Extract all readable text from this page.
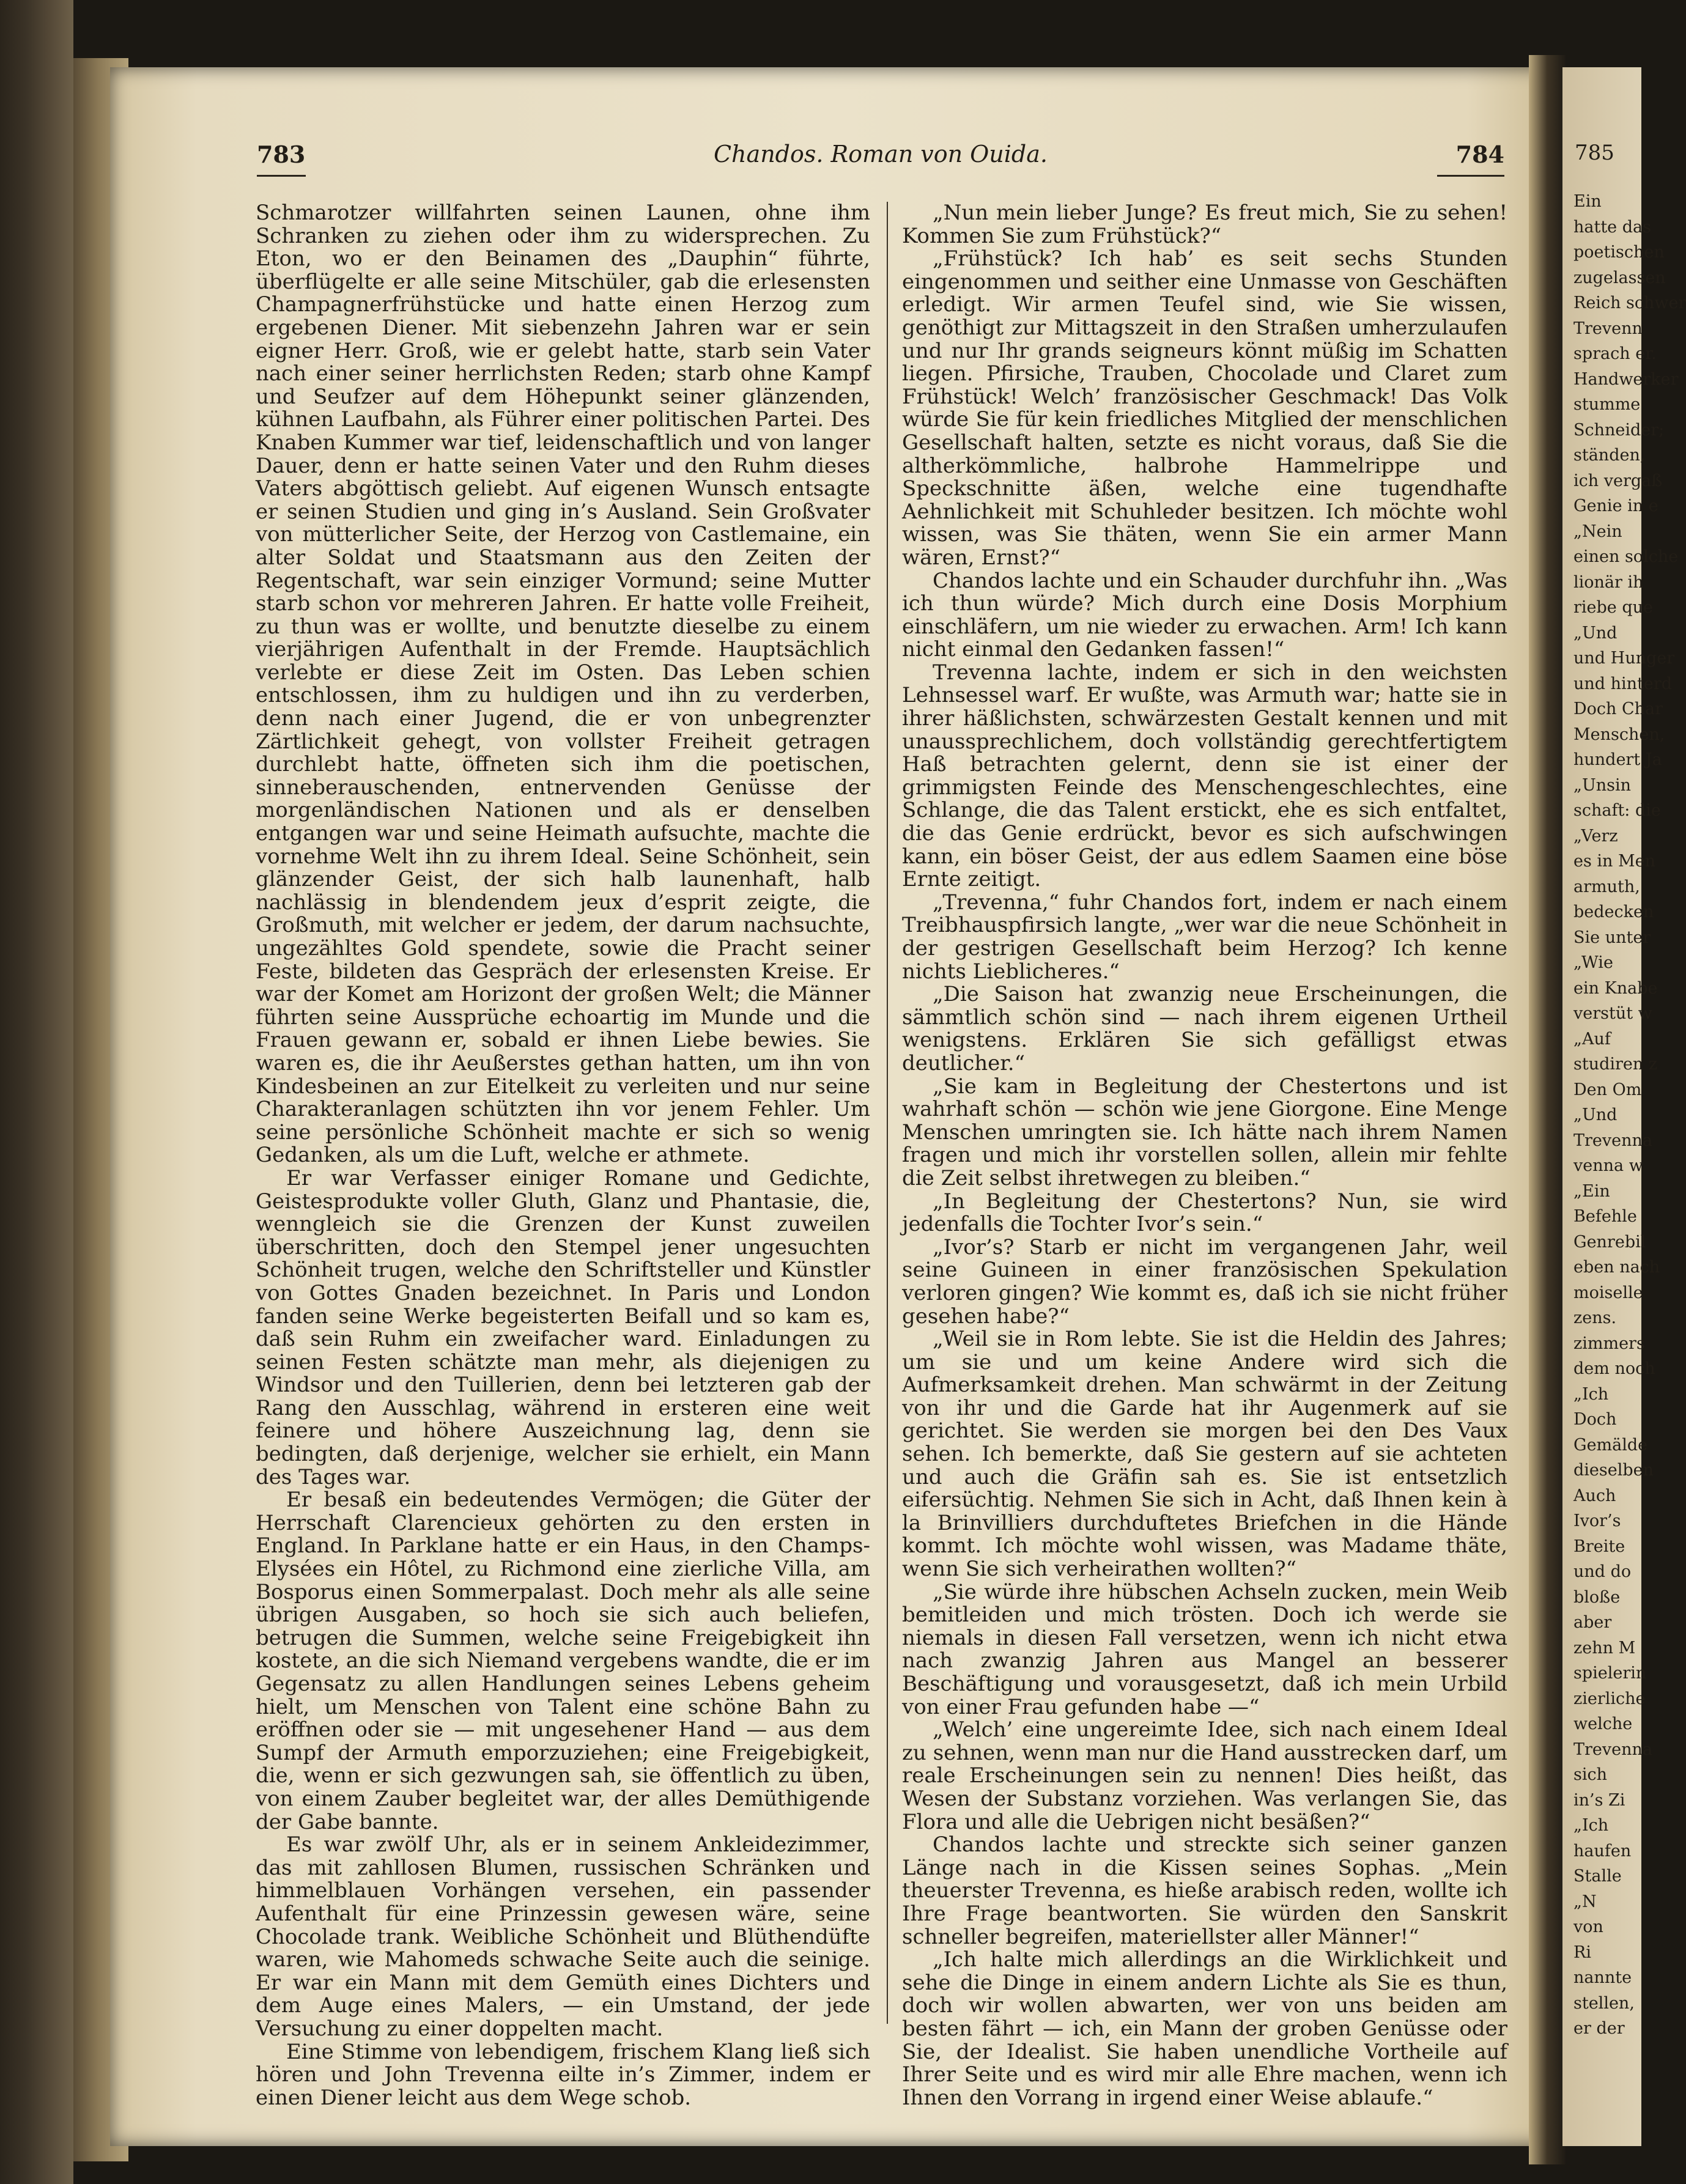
783	Chandos. Roman von Ouida.	784

Schmarotzer willfahrten seinen Launen, ohne ihm Schranken zu ziehen oder ihm zu widersprechen. Zu Eton, wo er den Beinamen des „Dauphin“ führte, überflügelte er alle seine Mitschüler, gab die erlesensten Champagnerfrühstücke und hatte einen Herzog zum ergebenen Diener. Mit siebenzehn Jahren war er sein eigner Herr. Groß, wie er gelebt hatte, starb sein Vater nach einer seiner herrlichsten Reden; starb ohne Kampf und Seufzer auf dem Höhepunkt seiner glänzenden, kühnen Laufbahn, als Führer einer politischen Partei. Des Knaben Kummer war tief, leidenschaftlich und von langer Dauer, denn er hatte seinen Vater und den Ruhm dieses Vaters abgöttisch geliebt. Auf eigenen Wunsch entsagte er seinen Studien und ging in’s Ausland. Sein Großvater von mütterlicher Seite, der Herzog von Castlemaine, ein alter Soldat und Staatsmann aus den Zeiten der Regentschaft, war sein einziger Vormund; seine Mutter starb schon vor mehreren Jahren. Er hatte volle Freiheit, zu thun was er wollte, und benutzte dieselbe zu einem vierjährigen Aufenthalt in der Fremde. Hauptsächlich verlebte er diese Zeit im Osten. Das Leben schien entschlossen, ihm zu huldigen und ihn zu verderben, denn nach einer Jugend, die er von unbegrenzter Zärtlichkeit gehegt, von vollster Freiheit getragen durchlebt hatte, öffneten sich ihm die poetischen, sinneberauschenden, entnervenden Genüsse der morgenländischen Nationen und als er denselben entgangen war und seine Heimath aufsuchte, machte die vornehme Welt ihn zu ihrem Ideal. Seine Schönheit, sein glänzender Geist, der sich halb launenhaft, halb nachlässig in blendendem jeux d’esprit zeigte, die Großmuth, mit welcher er jedem, der darum nachsuchte, ungezähltes Gold spendete, sowie die Pracht seiner Feste, bildeten das Gespräch der erlesensten Kreise. Er war der Komet am Horizont der großen Welt; die Männer führten seine Aussprüche echoartig im Munde und die Frauen gewann er, sobald er ihnen Liebe bewies. Sie waren es, die ihr Aeußerstes gethan hatten, um ihn von Kindesbeinen an zur Eitelkeit zu verleiten und nur seine Charakteranlagen schützten ihn vor jenem Fehler. Um seine persönliche Schönheit machte er sich so wenig Gedanken, als um die Luft, welche er athmete.

Er war Verfasser einiger Romane und Gedichte, Geistesprodukte voller Gluth, Glanz und Phantasie, die, wenngleich sie die Grenzen der Kunst zuweilen überschritten, doch den Stempel jener ungesuchten Schönheit trugen, welche den Schriftsteller und Künstler von Gottes Gnaden bezeichnet. In Paris und London fanden seine Werke begeisterten Beifall und so kam es, daß sein Ruhm ein zweifacher ward. Einladungen zu seinen Festen schätzte man mehr, als diejenigen zu Windsor und den Tuillerien, denn bei letzteren gab der Rang den Ausschlag, während in ersteren eine weit feinere und höhere Auszeichnung lag, denn sie bedingten, daß derjenige, welcher sie erhielt, ein Mann des Tages war.

Er besaß ein bedeutendes Vermögen; die Güter der Herrschaft Clarencieux gehörten zu den ersten in England. In Parklane hatte er ein Haus, in den Champs-Elysées ein Hôtel, zu Richmond eine zierliche Villa, am Bosporus einen Sommerpalast. Doch mehr als alle seine übrigen Ausgaben, so hoch sie sich auch beliefen, betrugen die Summen, welche seine Freigebigkeit ihn kostete, an die sich Niemand vergebens wandte, die er im Gegensatz zu allen Handlungen seines Lebens geheim hielt, um Menschen von Talent eine schöne Bahn zu eröffnen oder sie — mit ungesehener Hand — aus dem Sumpf der Armuth emporzuziehen; eine Freigebigkeit, die, wenn er sich gezwungen sah, sie öffentlich zu üben, von einem Zauber begleitet war, der alles Demüthigende der Gabe bannte.

Es war zwölf Uhr, als er in seinem Ankleidezimmer, das mit zahllosen Blumen, russischen Schränken und himmelblauen Vorhängen versehen, ein passender Aufenthalt für eine Prinzessin gewesen wäre, seine Chocolade trank. Weibliche Schönheit und Blüthendüfte waren, wie Mahomeds schwache Seite auch die seinige. Er war ein Mann mit dem Gemüth eines Dichters und dem Auge eines Malers, — ein Umstand, der jede Versuchung zu einer doppelten macht.

Eine Stimme von lebendigem, frischem Klang ließ sich hören und John Trevenna eilte in’s Zimmer, indem er einen Diener leicht aus dem Wege schob.

„Nun mein lieber Junge? Es freut mich, Sie zu sehen! Kommen Sie zum Frühstück?“

„Frühstück? Ich hab’ es seit sechs Stunden eingenommen und seither eine Unmasse von Geschäften erledigt. Wir armen Teufel sind, wie Sie wissen, genöthigt zur Mittagszeit in den Straßen umherzulaufen und nur Ihr grands seigneurs könnt müßig im Schatten liegen. Pfirsiche, Trauben, Chocolade und Claret zum Frühstück! Welch’ französischer Geschmack! Das Volk würde Sie für kein friedliches Mitglied der menschlichen Gesellschaft halten, setzte es nicht voraus, daß Sie die altherkömmliche, halbrohe Hammelrippe und Speckschnitte äßen, welche eine tugendhafte Aehnlichkeit mit Schuhleder besitzen. Ich möchte wohl wissen, was Sie thäten, wenn Sie ein armer Mann wären, Ernst?“

Chandos lachte und ein Schauder durchfuhr ihn. „Was ich thun würde? Mich durch eine Dosis Morphium einschläfern, um nie wieder zu erwachen. Arm! Ich kann nicht einmal den Gedanken fassen!“

Trevenna lachte, indem er sich in den weichsten Lehnsessel warf. Er wußte, was Armuth war; hatte sie in ihrer häßlichsten, schwärzesten Gestalt kennen und mit unaussprechlichem, doch vollständig gerechtfertigtem Haß betrachten gelernt, denn sie ist einer der grimmigsten Feinde des Menschengeschlechtes, eine Schlange, die das Talent erstickt, ehe es sich entfaltet, die das Genie erdrückt, bevor es sich aufschwingen kann, ein böser Geist, der aus edlem Saamen eine böse Ernte zeitigt.

„Trevenna,“ fuhr Chandos fort, indem er nach einem Treibhauspfirsich langte, „wer war die neue Schönheit in der gestrigen Gesellschaft beim Herzog? Ich kenne nichts Lieblicheres.“

„Die Saison hat zwanzig neue Erscheinungen, die sämmtlich schön sind — nach ihrem eigenen Urtheil wenigstens. Erklären Sie sich gefälligst etwas deutlicher.“

„Sie kam in Begleitung der Chestertons und ist wahrhaft schön — schön wie jene Giorgone. Eine Menge Menschen umringten sie. Ich hätte nach ihrem Namen fragen und mich ihr vorstellen sollen, allein mir fehlte die Zeit selbst ihretwegen zu bleiben.“

„In Begleitung der Chestertons? Nun, sie wird jedenfalls die Tochter Ivor’s sein.“

„Ivor’s? Starb er nicht im vergangenen Jahr, weil seine Guineen in einer französischen Spekulation verloren gingen? Wie kommt es, daß ich sie nicht früher gesehen habe?“

„Weil sie in Rom lebte. Sie ist die Heldin des Jahres; um sie und um keine Andere wird sich die Aufmerksamkeit drehen. Man schwärmt in der Zeitung von ihr und die Garde hat ihr Augenmerk auf sie gerichtet. Sie werden sie morgen bei den Des Vaux sehen. Ich bemerkte, daß Sie gestern auf sie achteten und auch die Gräfin sah es. Sie ist entsetzlich eifersüchtig. Nehmen Sie sich in Acht, daß Ihnen kein à la Brinvilliers durchduftetes Briefchen in die Hände kommt. Ich möchte wohl wissen, was Madame thäte, wenn Sie sich verheirathen wollten?“

„Sie würde ihre hübschen Achseln zucken, mein Weib bemitleiden und mich trösten. Doch ich werde sie niemals in diesen Fall versetzen, wenn ich nicht etwa nach zwanzig Jahren aus Mangel an besserer Beschäftigung und vorausgesetzt, daß ich mein Urbild von einer Frau gefunden habe —“

„Welch’ eine ungereimte Idee, sich nach einem Ideal zu sehnen, wenn man nur die Hand ausstrecken darf, um reale Erscheinungen sein zu nennen! Dies heißt, das Wesen der Substanz vorziehen. Was verlangen Sie, das Flora und alle die Uebrigen nicht besäßen?“

Chandos lachte und streckte sich seiner ganzen Länge nach in die Kissen seines Sophas. „Mein theuerster Trevenna, es hieße arabisch reden, wollte ich Ihre Frage beantworten. Sie würden den Sanskrit schneller begreifen, materiellster aller Männer!“

„Ich halte mich allerdings an die Wirklichkeit und sehe die Dinge in einem andern Lichte als Sie es thun, doch wir wollen abwarten, wer von uns beiden am besten fährt — ich, ein Mann der groben Genüsse oder Sie, der Idealist. Sie haben unendliche Vortheile auf Ihrer Seite und es wird mir alle Ehre machen, wenn ich Ihnen den Vorrang in irgend einer Weise ablaufe.“

785
Ein
hatte das
poetischen
zugelassen
Reich schwer
Trevenn
sprach er.
Handwerker
stumme
Schneider;
ständen,
ich vergaß
Genie in e
„Nein
einen solche
lionär ih
riebe que
„Und
und Hunger
und hinterd
Doch Char
Menschen,
hundert Ja
„Unsin
schaft: die
„Verz
es in Men
armuth,
bedecken
Sie unter
„Wie
ein Knabe
verstüt w
„Auf
studiren z
Den Om
„Und
Trevenna
venna w
„Ein
Befehle
Genrebil
eben nach
moiselle
zens.
zimmers
dem noch
„Ich
Doch
Gemälde
dieselben
Auch
Ivor’s
Breite
und do
bloße
aber
zehn M
spielerin
zierliche
welche
Trevenna
sich
in’s Zi
„Ich
haufen
Stalle
„N
von
Ri
nannte
stellen,
er der
